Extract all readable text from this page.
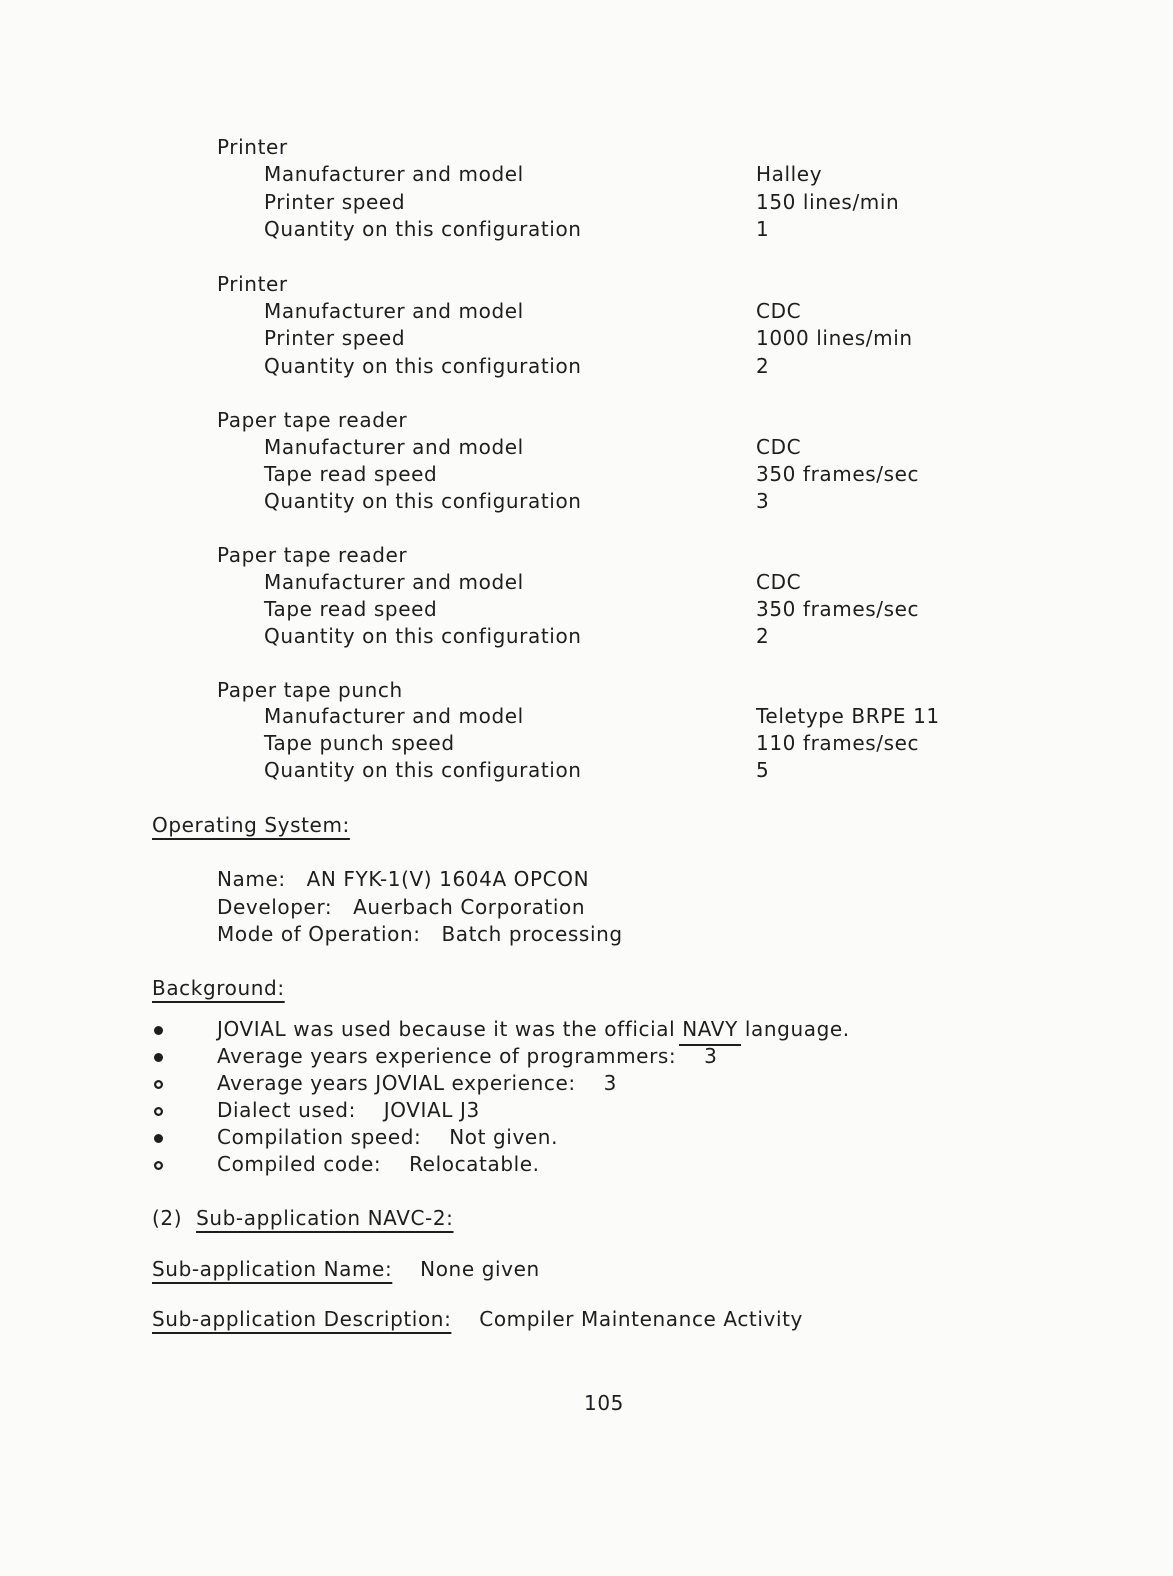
Printer
Manufacturer and model	Halley
Printer speed	150 lines/min
Quantity on this configuration	1
Printer
Manufacturer and model	CDC
Printer speed	1000 lines/min
Quantity on this configuration	2
Paper tape reader
Manufacturer and model	CDC
Tape read speed	350 frames/sec
Quantity on this configuration	3
Paper tape reader
Manufacturer and model	CDC
Tape read speed	350 frames/sec
Quantity on this configuration	2
Paper tape punch
Manufacturer and model	Teletype BRPE 11
Tape punch speed	110 frames/sec
Quantity on this configuration	5
Operating System:
Name: AN FYK-1(V) 1604A OPCON
Developer: Auerbach Corporation
Mode of Operation: Batch processing
Background:
JOVIAL was used because it was the official NAVY language.
Average years experience of programmers: 3
Average years JOVIAL experience: 3
Dialect used: JOVIAL J3
Compilation speed: Not given.
Compiled code: Relocatable.
(2) Sub-application NAVC-2:
Sub-application Name: None given
Sub-application Description: Compiler Maintenance Activity
105
